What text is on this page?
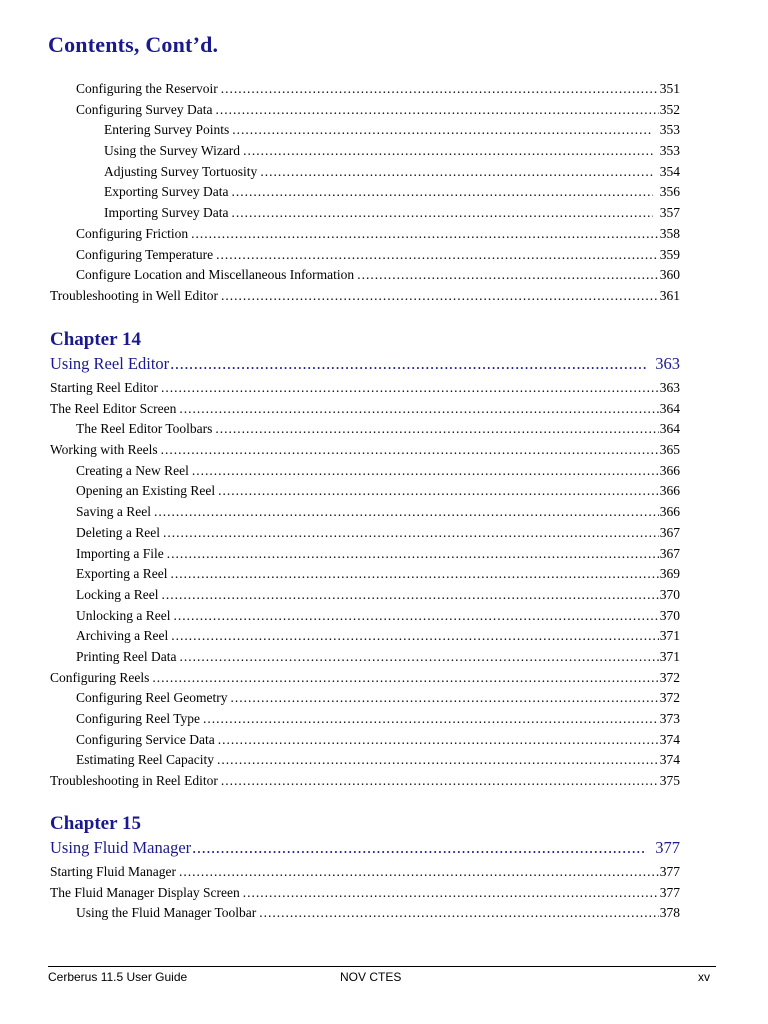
Contents, Cont’d.
Configuring the Reservoir .....	351
Configuring Survey Data .....	352
Entering Survey Points .....	353
Using the Survey Wizard .....	353
Adjusting Survey Tortuosity .....	354
Exporting Survey Data .....	356
Importing Survey Data .....	357
Configuring Friction .....	358
Configuring Temperature .....	359
Configure Location and Miscellaneous Information .....	360
Troubleshooting in Well Editor .....	361
Chapter 14
Using Reel Editor .....	363
Starting Reel Editor .....	363
The Reel Editor Screen .....	364
The Reel Editor Toolbars .....	364
Working with Reels .....	365
Creating a New Reel .....	366
Opening an Existing Reel .....	366
Saving a Reel .....	366
Deleting a Reel .....	367
Importing a File .....	367
Exporting a Reel .....	369
Locking a Reel .....	370
Unlocking a Reel .....	370
Archiving a Reel .....	371
Printing Reel Data .....	371
Configuring Reels .....	372
Configuring Reel Geometry .....	372
Configuring Reel Type .....	373
Configuring Service Data .....	374
Estimating Reel Capacity .....	374
Troubleshooting in Reel Editor .....	375
Chapter 15
Using Fluid Manager .....	377
Starting Fluid Manager .....	377
The Fluid Manager Display Screen .....	377
Using the Fluid Manager Toolbar .....	378
Cerberus 11.5 User Guide	NOV CTES	xv
